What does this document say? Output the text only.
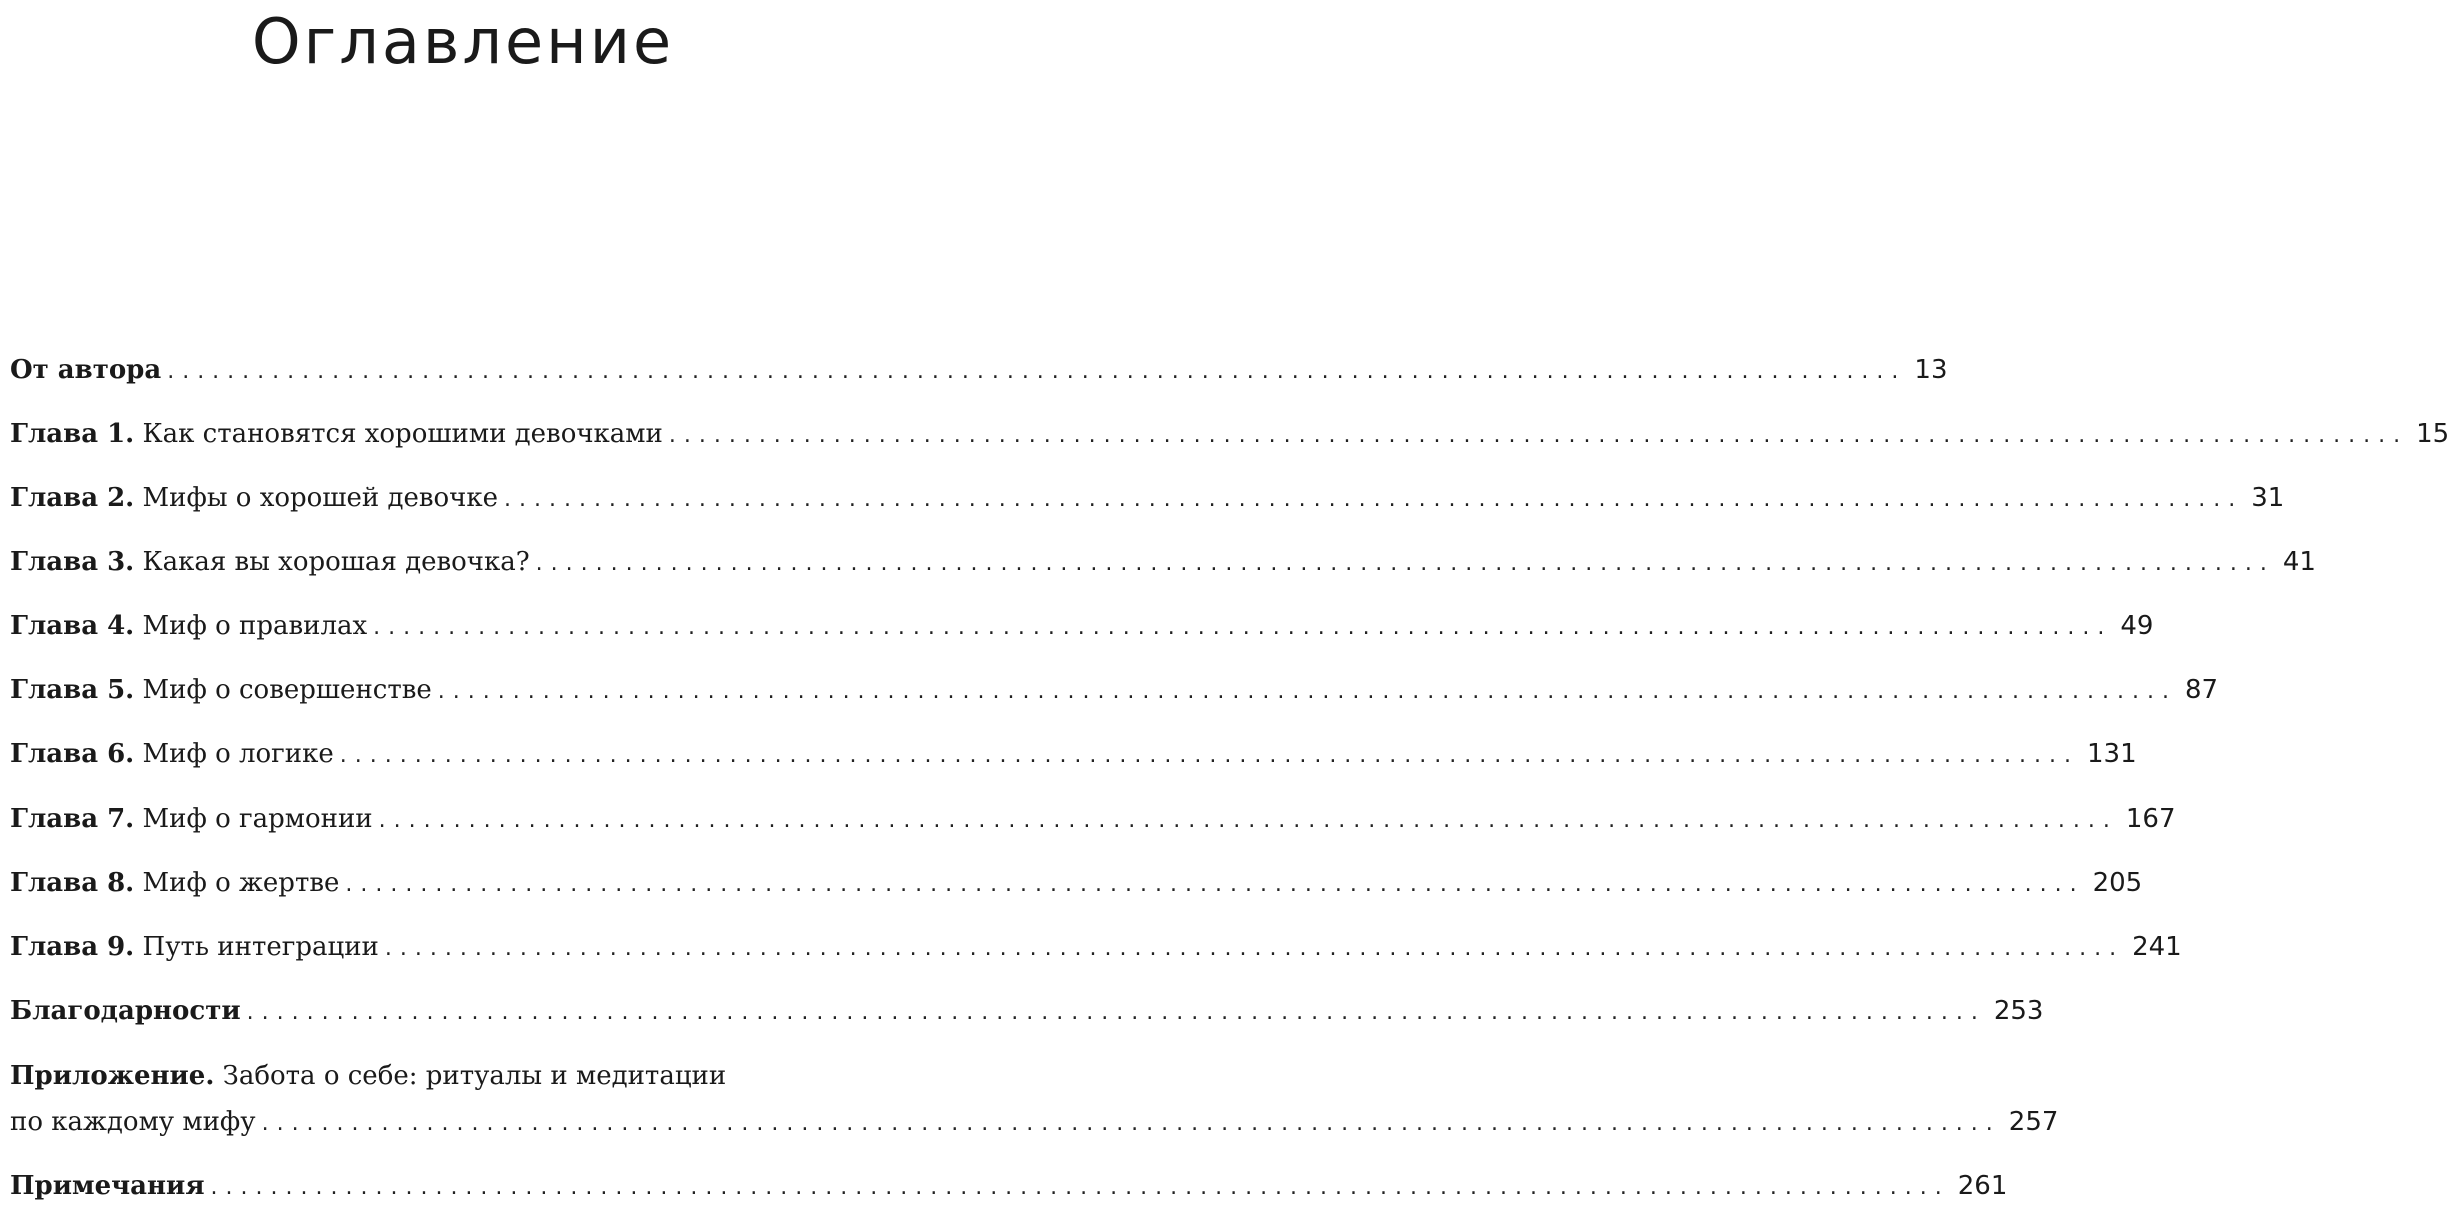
Оглавление
От автора .................................................................................................................... 13
Глава 1. Как становятся хорошими девочками .................................................................................................................... 15
Глава 2. Мифы о хорошей девочке .................................................................................................................... 31
Глава 3. Какая вы хорошая девочка? .................................................................................................................... 41
Глава 4. Миф о правилах .................................................................................................................... 49
Глава 5. Миф о совершенстве .................................................................................................................... 87
Глава 6. Миф о логике .................................................................................................................... 131
Глава 7. Миф о гармонии .................................................................................................................... 167
Глава 8. Миф о жертве .................................................................................................................... 205
Глава 9. Путь интеграции .................................................................................................................... 241
Благодарности .................................................................................................................... 253
Приложение. Забота о себе: ритуалы и медитации
по каждому мифу .................................................................................................................... 257
Примечания .................................................................................................................... 261
